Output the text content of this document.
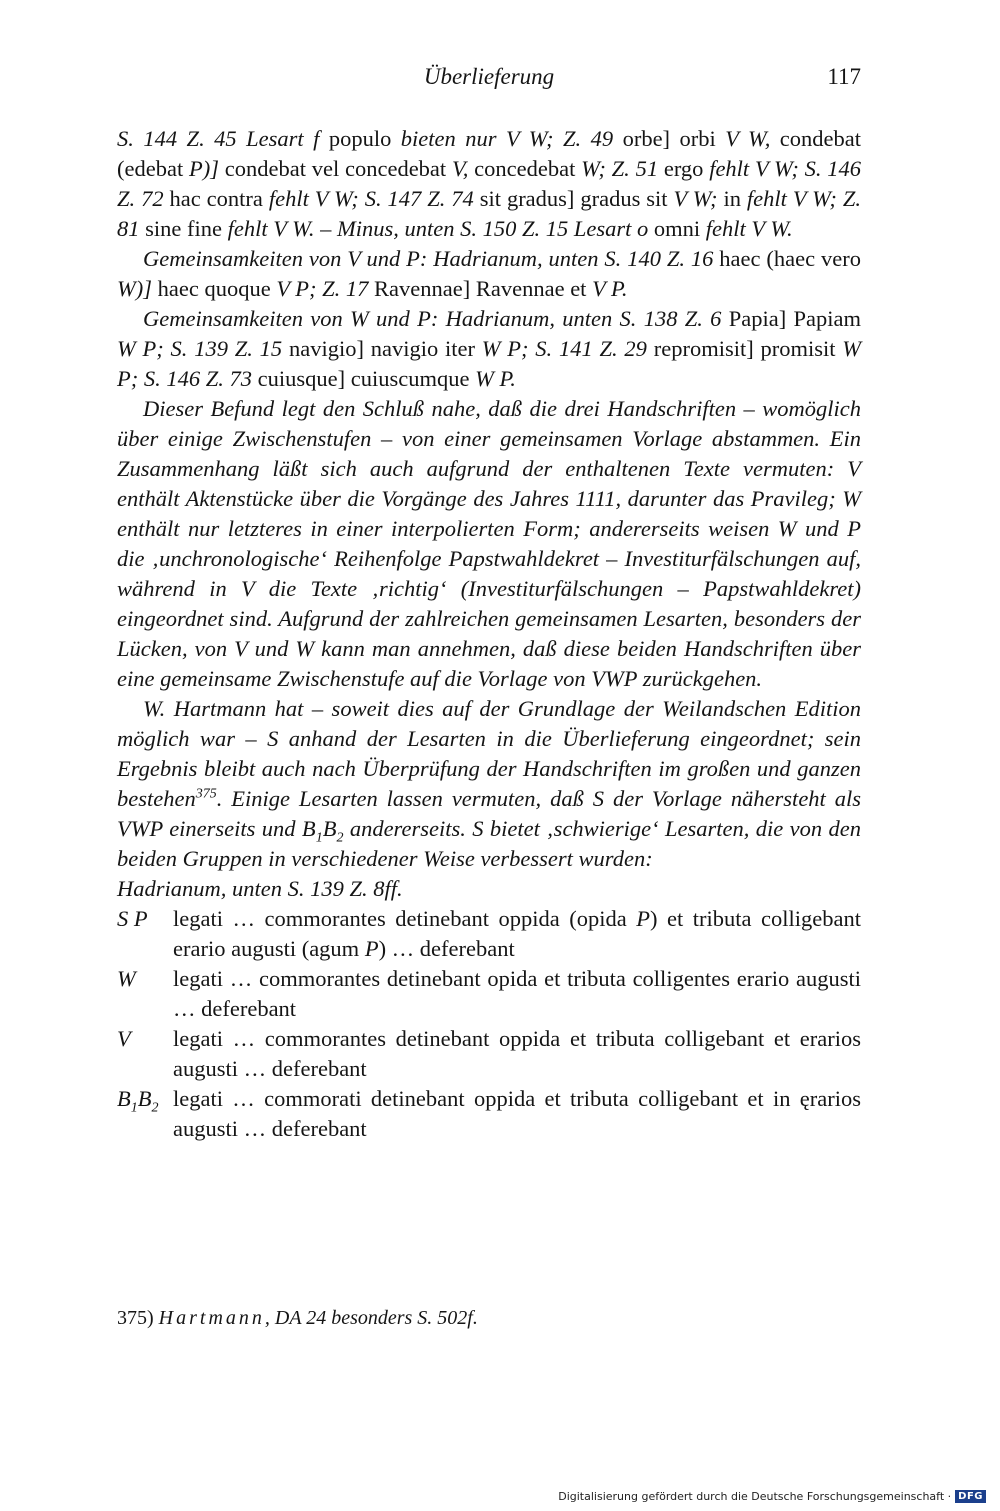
Überlieferung	117

S. 144 Z. 45 Lesart f populo bieten nur V W; Z. 49 orbe] orbi V W, condebat (edebat P)] condebat vel concedebat V, concedebat W; Z. 51 ergo fehlt V W; S. 146 Z. 72 hac contra fehlt V W; S. 147 Z. 74 sit gradus] gradus sit V W; in fehlt V W; Z. 81 sine fine fehlt V W. – Minus, unten S. 150 Z. 15 Lesart o omni fehlt V W.

Gemeinsamkeiten von V und P: Hadrianum, unten S. 140 Z. 16 haec (haec vero W)] haec quoque V P; Z. 17 Ravennae] Ravennae et V P.

Gemeinsamkeiten von W und P: Hadrianum, unten S. 138 Z. 6 Papia] Papiam W P; S. 139 Z. 15 navigio] navigio iter W P; S. 141 Z. 29 repromisit] promisit W P; S. 146 Z. 73 cuiusque] cuiuscumque W P.

Dieser Befund legt den Schluß nahe, daß die drei Handschriften – womöglich über einige Zwischenstufen – von einer gemeinsamen Vorlage abstammen. Ein Zusammenhang läßt sich auch aufgrund der enthaltenen Texte vermuten: V enthält Aktenstücke über die Vorgänge des Jahres 1111, darunter das Pravileg; W enthält nur letzteres in einer interpolierten Form; andererseits weisen W und P die ‚unchronologische‘ Reihenfolge Papstwahldekret – Investiturfälschungen auf, während in V die Texte ‚richtig‘ (Investiturfälschungen – Papstwahldekret) eingeordnet sind. Aufgrund der zahlreichen gemeinsamen Lesarten, besonders der Lücken, von V und W kann man annehmen, daß diese beiden Handschriften über eine gemeinsame Zwischenstufe auf die Vorlage von VWP zurückgehen.

W. Hartmann hat – soweit dies auf der Grundlage der Weilandschen Edition möglich war – S anhand der Lesarten in die Überlieferung eingeordnet; sein Ergebnis bleibt auch nach Überprüfung der Handschriften im großen und ganzen bestehen$^{375}$. Einige Lesarten lassen vermuten, daß S der Vorlage nähersteht als VWP einerseits und $B_1B_2$ andererseits. S bietet ‚schwierige‘ Lesarten, die von den beiden Gruppen in verschiedener Weise verbessert wurden:

Hadrianum, unten S. 139 Z. 8ff.

S P	legati … commorantes detinebant oppida (opida P) et tributa colligebant erario augusti (agum P) … deferebant
W	legati … commorantes detinebant opida et tributa colligentes erario augusti … deferebant
V	legati … commorantes detinebant oppida et tributa colligebant et erarios augusti … deferebant
$B_1B_2$ legati … commorati detinebant oppida et tributa colligebant et in ęrarios augusti … deferebant
375) Hartmann, DA 24 besonders S. 502f.
Digitalisierung gefördert durch die Deutsche Forschungsgemeinschaft · DFG
